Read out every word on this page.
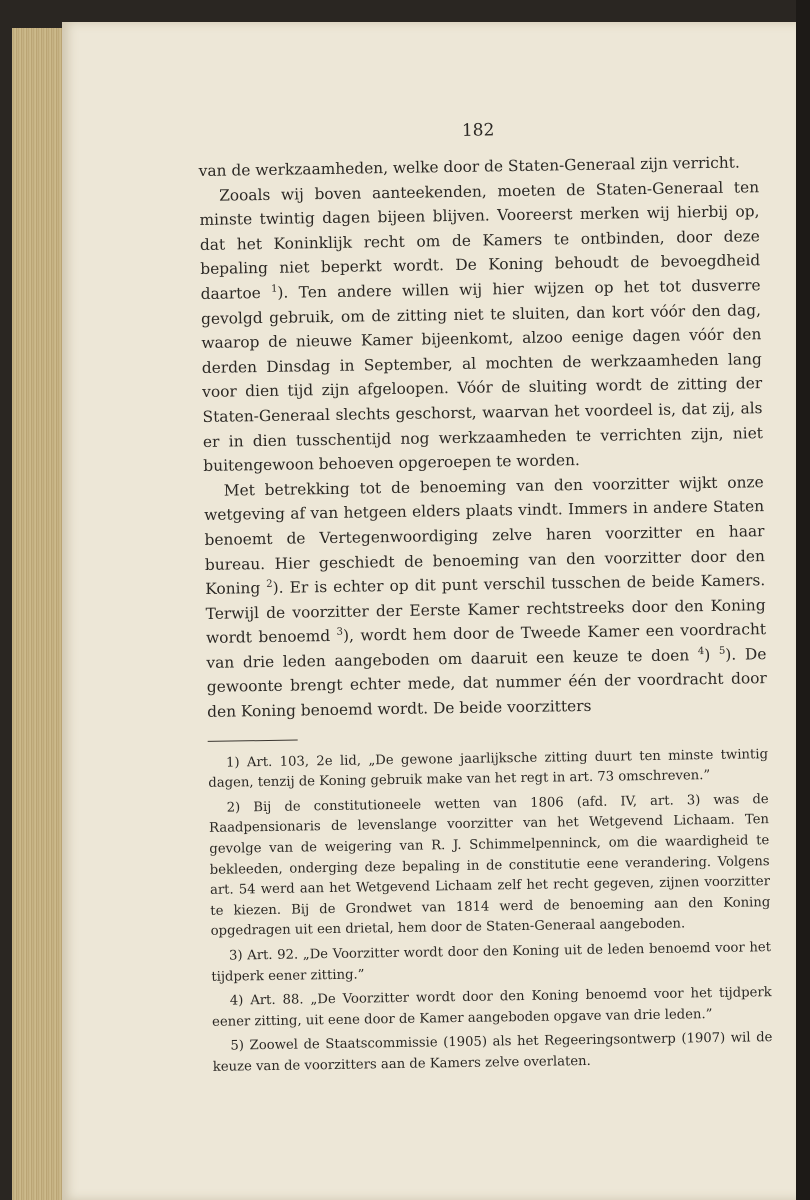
182

van de werkzaamheden, welke door de Staten-Generaal zijn verricht.

Zooals wij boven aanteekenden, moeten de Staten-Generaal ten minste twintig dagen bijeen blijven. Vooreerst merken wij hierbij op, dat het Koninklijk recht om de Kamers te ontbinden, door deze bepaling niet beperkt wordt. De Koning behoudt de bevoegdheid daartoe $^1$). Ten andere willen wij hier wijzen op het tot dusverre gevolgd gebruik, om de zitting niet te sluiten, dan kort vóór den dag, waarop de nieuwe Kamer bijeenkomt, alzoo eenige dagen vóór den derden Dinsdag in September, al mochten de werkzaamheden lang voor dien tijd zijn afgeloopen. Vóór de sluiting wordt de zitting der Staten-Generaal slechts geschorst, waarvan het voordeel is, dat zij, als er in dien tusschentijd nog werkzaamheden te verrichten zijn, niet buitengewoon behoeven opgeroepen te worden.

Met betrekking tot de benoeming van den voorzitter wijkt onze wetgeving af van hetgeen elders plaats vindt. Immers in andere Staten benoemt de Vertegenwoordiging zelve haren voorzitter en haar bureau. Hier geschiedt de benoeming van den voorzitter door den Koning $^2$). Er is echter op dit punt verschil tusschen de beide Kamers. Terwijl de voorzitter der Eerste Kamer rechtstreeks door den Koning wordt benoemd $^3$), wordt hem door de Tweede Kamer een voordracht van drie leden aangeboden om daaruit een keuze te doen $^4$) $^5$). De gewoonte brengt echter mede, dat nummer één der voordracht door den Koning benoemd wordt. De beide voorzitters

1) Art. 103, 2e lid, „De gewone jaarlijksche zitting duurt ten minste twintig dagen, tenzij de Koning gebruik make van het regt in art. 73 omschreven.”

2) Bij de constitutioneele wetten van 1806 (afd. IV, art. 3) was de Raadpensionaris de levenslange voorzitter van het Wetgevend Lichaam. Ten gevolge van de weigering van R. J. Schimmelpenninck, om die waardigheid te bekleeden, onderging deze bepaling in de constitutie eene verandering. Volgens art. 54 werd aan het Wetgevend Lichaam zelf het recht gegeven, zijnen voorzitter te kiezen. Bij de Grondwet van 1814 werd de benoeming aan den Koning opgedragen uit een drietal, hem door de Staten-Generaal aangeboden.

3) Art. 92. „De Voorzitter wordt door den Koning uit de leden benoemd voor het tijdperk eener zitting.”

4) Art. 88. „De Voorzitter wordt door den Koning benoemd voor het tijdperk eener zitting, uit eene door de Kamer aangeboden opgave van drie leden.”

5) Zoowel de Staatscommissie (1905) als het Regeeringsontwerp (1907) wil de keuze van de voorzitters aan de Kamers zelve overlaten.
